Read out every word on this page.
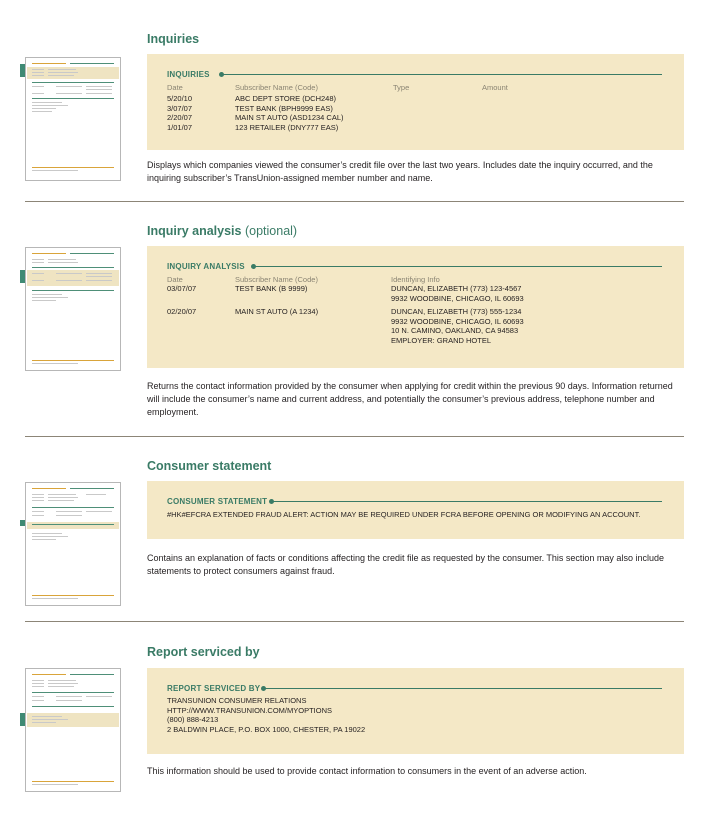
Inquiries
INQUIRIES
Date	Subscriber Name (Code)	Type	Amount
5/20/10	ABC DEPT STORE (DCH248)
3/07/07	TEST BANK (BPH9999 EAS)
2/20/07	MAIN ST AUTO (ASD1234 CAL)
1/01/07	123 RETAILER (DNY777 EAS)
Displays which companies viewed the consumer’s credit file over the last two years. Includes date the inquiry occurred, and the inquiring subscriber’s TransUnion-assigned member number and name.
Inquiry analysis (optional)
INQUIRY ANALYSIS
Date	Subscriber Name (Code)	Identifying Info
03/07/07	TEST BANK (B 9999)	DUNCAN, ELIZABETH (773) 123-4567
9932 WOODBINE, CHICAGO, IL 60693
02/20/07	MAIN ST AUTO (A 1234)	DUNCAN, ELIZABETH (773) 555-1234
9932 WOODBINE, CHICAGO, IL 60693
10 N. CAMINO, OAKLAND, CA 94583
EMPLOYER: GRAND HOTEL
Returns the contact information provided by the consumer when applying for credit within the previous 90 days. Information returned will include the consumer’s name and current address, and potentially the consumer’s previous address, telephone number and employment.
Consumer statement
CONSUMER STATEMENT
#HK#EFCRA EXTENDED FRAUD ALERT: ACTION MAY BE REQUIRED UNDER FCRA BEFORE OPENING OR MODIFYING AN ACCOUNT.
Contains an explanation of facts or conditions affecting the credit file as requested by the consumer. This section may also include statements to protect consumers against fraud.
Report serviced by
REPORT SERVICED BY
TRANSUNION CONSUMER RELATIONS
HTTP://WWW.TRANSUNION.COM/MYOPTIONS
(800) 888-4213
2 BALDWIN PLACE, P.O. BOX 1000, CHESTER, PA 19022
This information should be used to provide contact information to consumers in the event of an adverse action.
